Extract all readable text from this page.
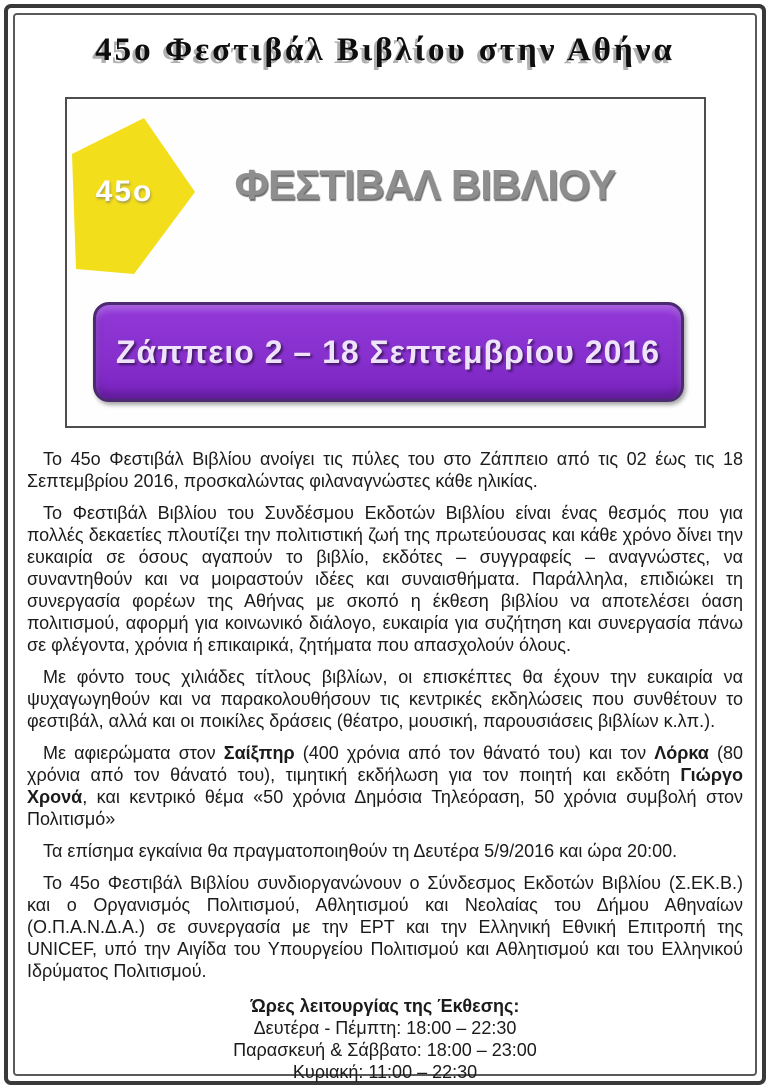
45ο Φεστιβάλ Βιβλίου στην Αθήνα
45ο	ΦΕΣΤΙΒΑΛ ΒΙΒΛΙΟΥ
Ζάππειο 2 – 18 Σεπτεμβρίου 2016

Το 45ο Φεστιβάλ Βιβλίου ανοίγει τις πύλες του στο Ζάππειο από τις 02 έως τις 18 Σεπτεμβρίου 2016, προσκαλώντας φιλαναγνώστες κάθε ηλικίας.

Το Φεστιβάλ Βιβλίου του Συνδέσμου Εκδοτών Βιβλίου είναι ένας θεσμός που για πολλές δεκαετίες πλουτίζει την πολιτιστική ζωή της πρωτεύουσας και κάθε χρόνο δίνει την ευκαιρία σε όσους αγαπούν το βιβλίο, εκδότες – συγγραφείς – αναγνώστες, να συναντηθούν και να μοιραστούν ιδέες και συναισθήματα. Παράλληλα, επιδιώκει τη συνεργασία φορέων της Αθήνας με σκοπό η έκθεση βιβλίου να αποτελέσει όαση πολιτισμού, αφορμή για κοινωνικό διάλογο, ευκαιρία για συζήτηση και συνεργασία πάνω σε φλέγοντα, χρόνια ή επικαιρικά, ζητήματα που απασχολούν όλους.

Με φόντο τους χιλιάδες τίτλους βιβλίων, οι επισκέπτες θα έχουν την ευκαιρία να ψυχαγωγηθούν και να παρακολουθήσουν τις κεντρικές εκδηλώσεις που συνθέτουν το φεστιβάλ, αλλά και οι ποικίλες δράσεις (θέατρο, μουσική, παρουσιάσεις βιβλίων κ.λπ.).

Με αφιερώματα στον Σαίξπηρ (400 χρόνια από τον θάνατό του) και τον Λόρκα (80 χρόνια από τον θάνατό του), τιμητική εκδήλωση για τον ποιητή και εκδότη Γιώργο Χρονά, και κεντρικό θέμα «50 χρόνια Δημόσια Τηλεόραση, 50 χρόνια συμβολή στον Πολιτισμό»

Τα επίσημα εγκαίνια θα πραγματοποιηθούν τη Δευτέρα 5/9/2016 και ώρα 20:00.

Το 45ο Φεστιβάλ Βιβλίου συνδιοργανώνουν ο Σύνδεσμος Εκδοτών Βιβλίου (Σ.ΕΚ.Β.) και ο Οργανισμός Πολιτισμού, Αθλητισμού και Νεολαίας του Δήμου Αθηναίων (Ο.Π.Α.Ν.Δ.Α.) σε συνεργασία με την ΕΡΤ και την Ελληνική Εθνική Επιτροπή της UNICEF, υπό την Αιγίδα του Υπουργείου Πολιτισμού και Αθλητισμού και του Ελληνικού Ιδρύματος Πολιτισμού.

Ώρες λειτουργίας της Έκθεσης:
Δευτέρα - Πέμπτη: 18:00 – 22:30
Παρασκευή & Σάββατο: 18:00 – 23:00
Κυριακή: 11:00 – 22:30
